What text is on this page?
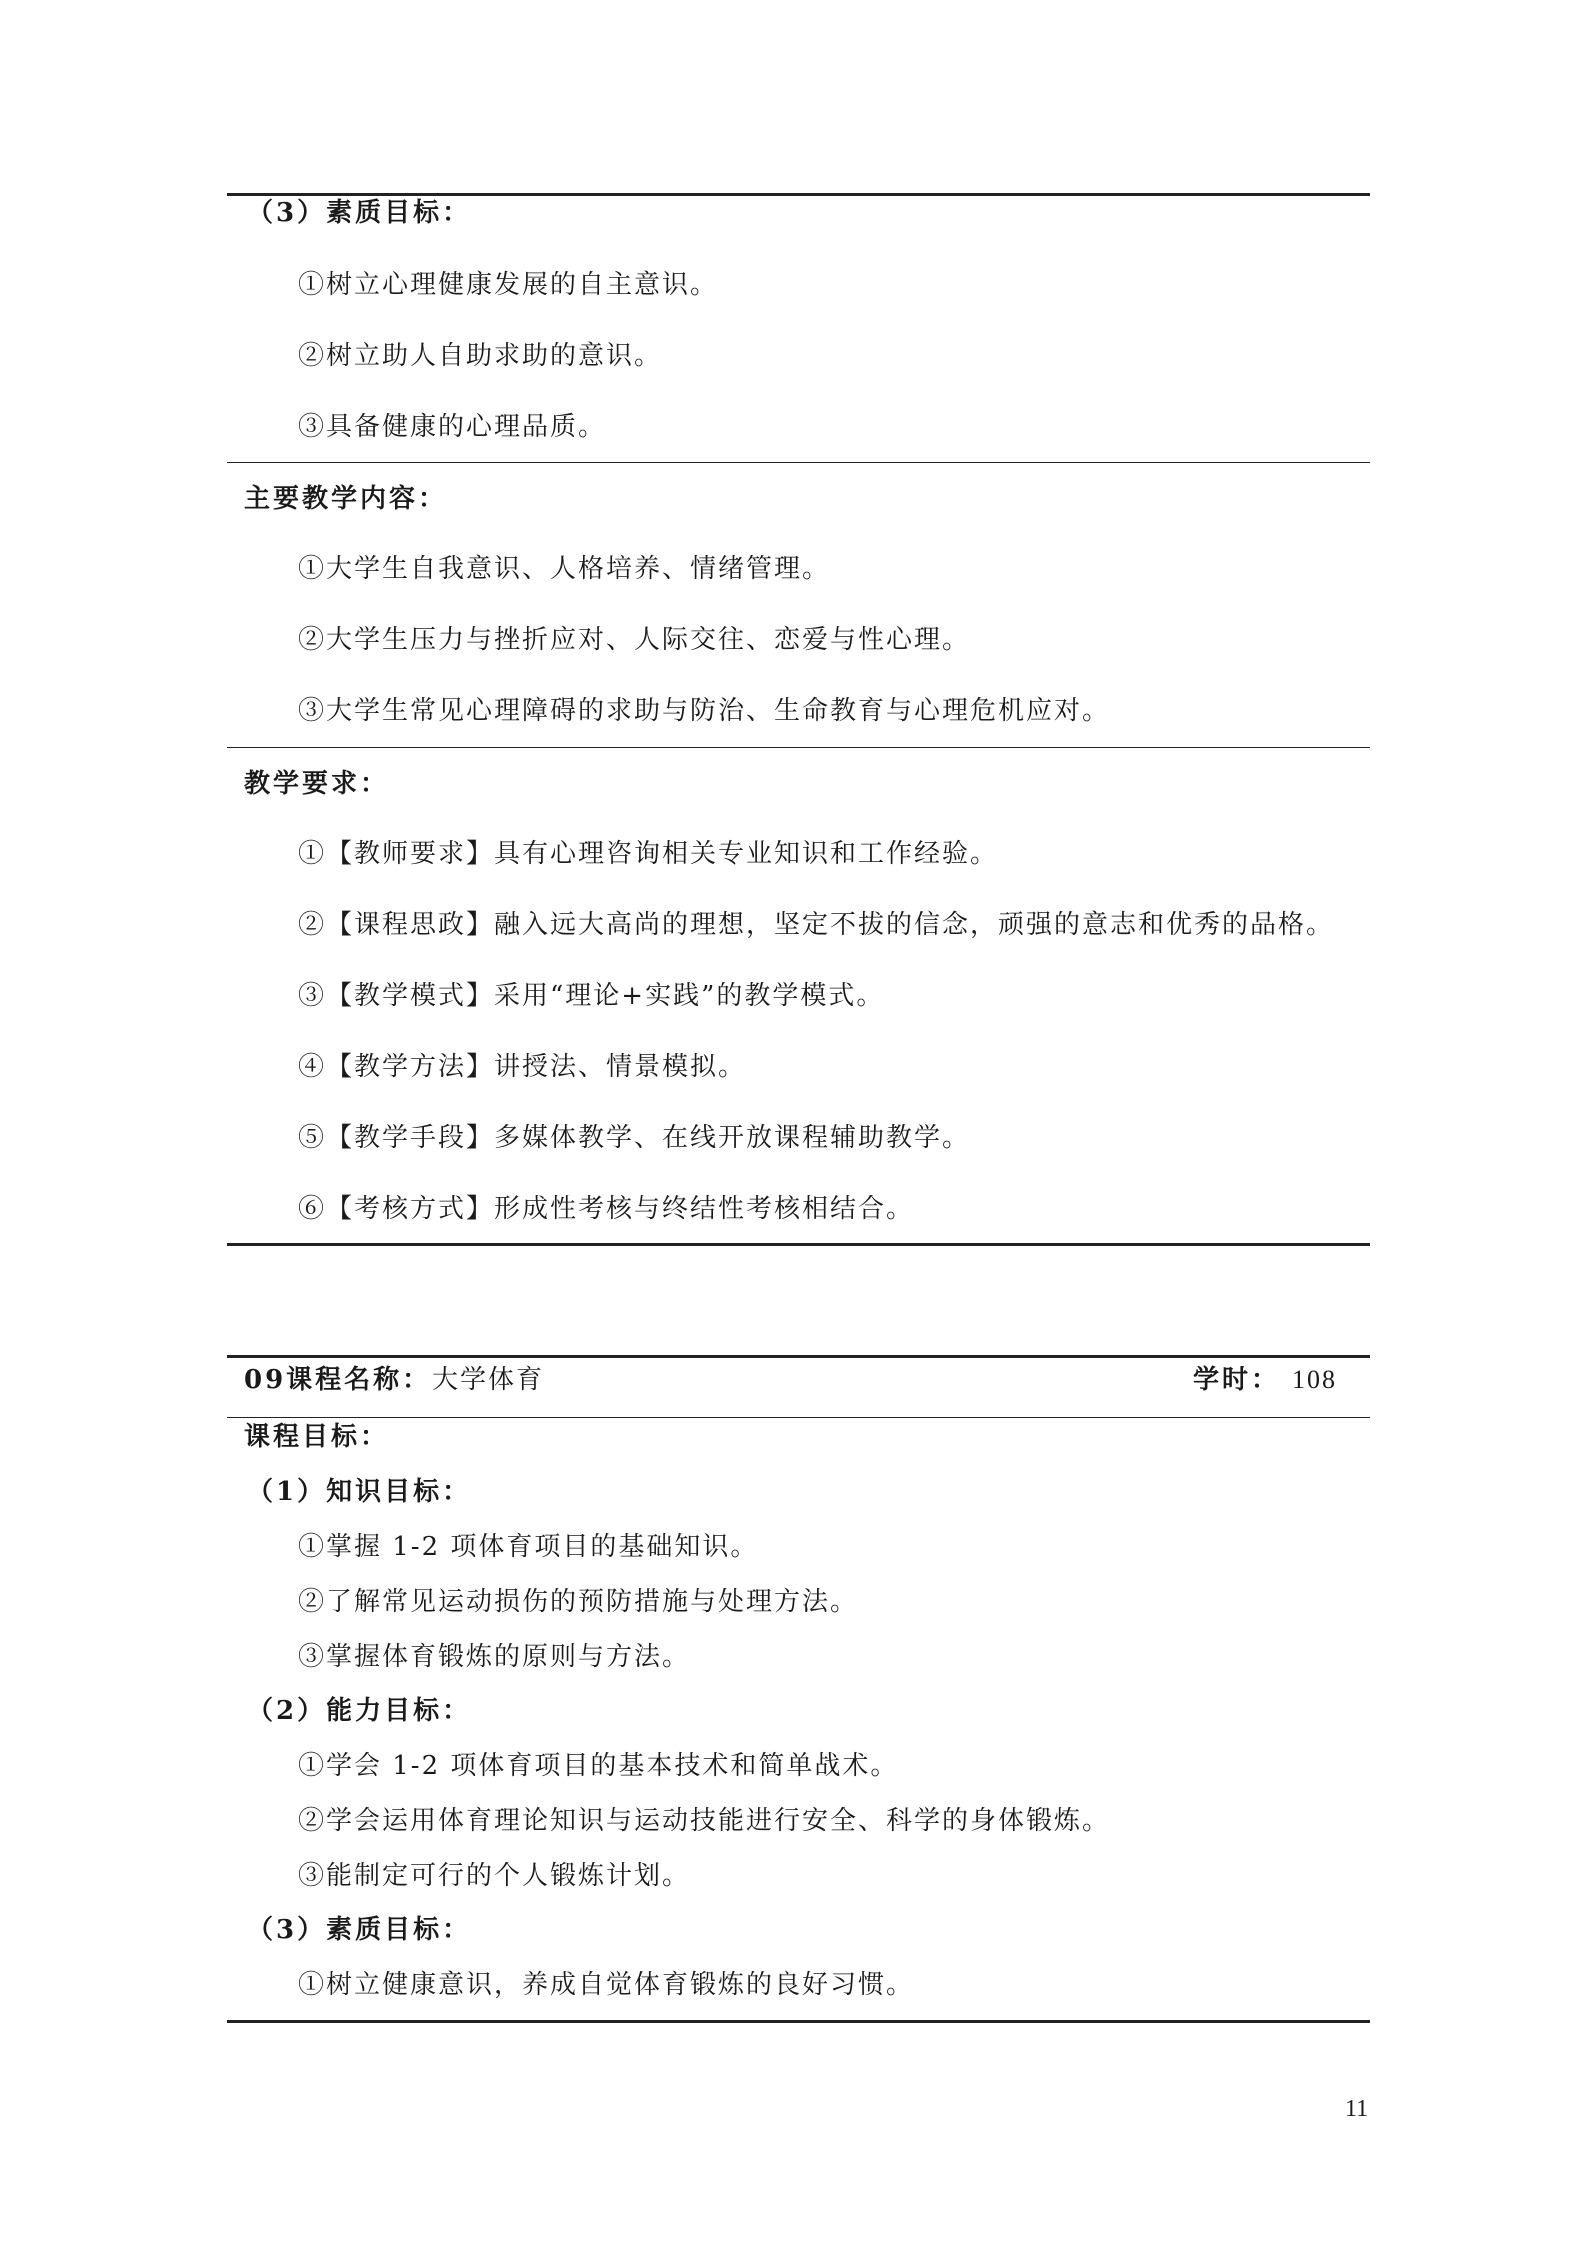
（3）素质目标：
①树立心理健康发展的自主意识。
②树立助人自助求助的意识。
③具备健康的心理品质。
主要教学内容：
①大学生自我意识、人格培养、情绪管理。
②大学生压力与挫折应对、人际交往、恋爱与性心理。
③大学生常见心理障碍的求助与防治、生命教育与心理危机应对。
教学要求：
①【教师要求】具有心理咨询相关专业知识和工作经验。
②【课程思政】融入远大高尚的理想，坚定不拔的信念，顽强的意志和优秀的品格。
③【教学模式】采用“理论+实践”的教学模式。
④【教学方法】讲授法、情景模拟。
⑤【教学手段】多媒体教学、在线开放课程辅助教学。
⑥【考核方式】形成性考核与终结性考核相结合。
09课程名称： 大学体育	学时： 108
课程目标：
（1）知识目标：
①掌握 1-2 项体育项目的基础知识。
②了解常见运动损伤的预防措施与处理方法。
③掌握体育锻炼的原则与方法。
（2）能力目标：
①学会 1-2 项体育项目的基本技术和简单战术。
②学会运用体育理论知识与运动技能进行安全、科学的身体锻炼。
③能制定可行的个人锻炼计划。
（3）素质目标：
①树立健康意识，养成自觉体育锻炼的良好习惯。
11
